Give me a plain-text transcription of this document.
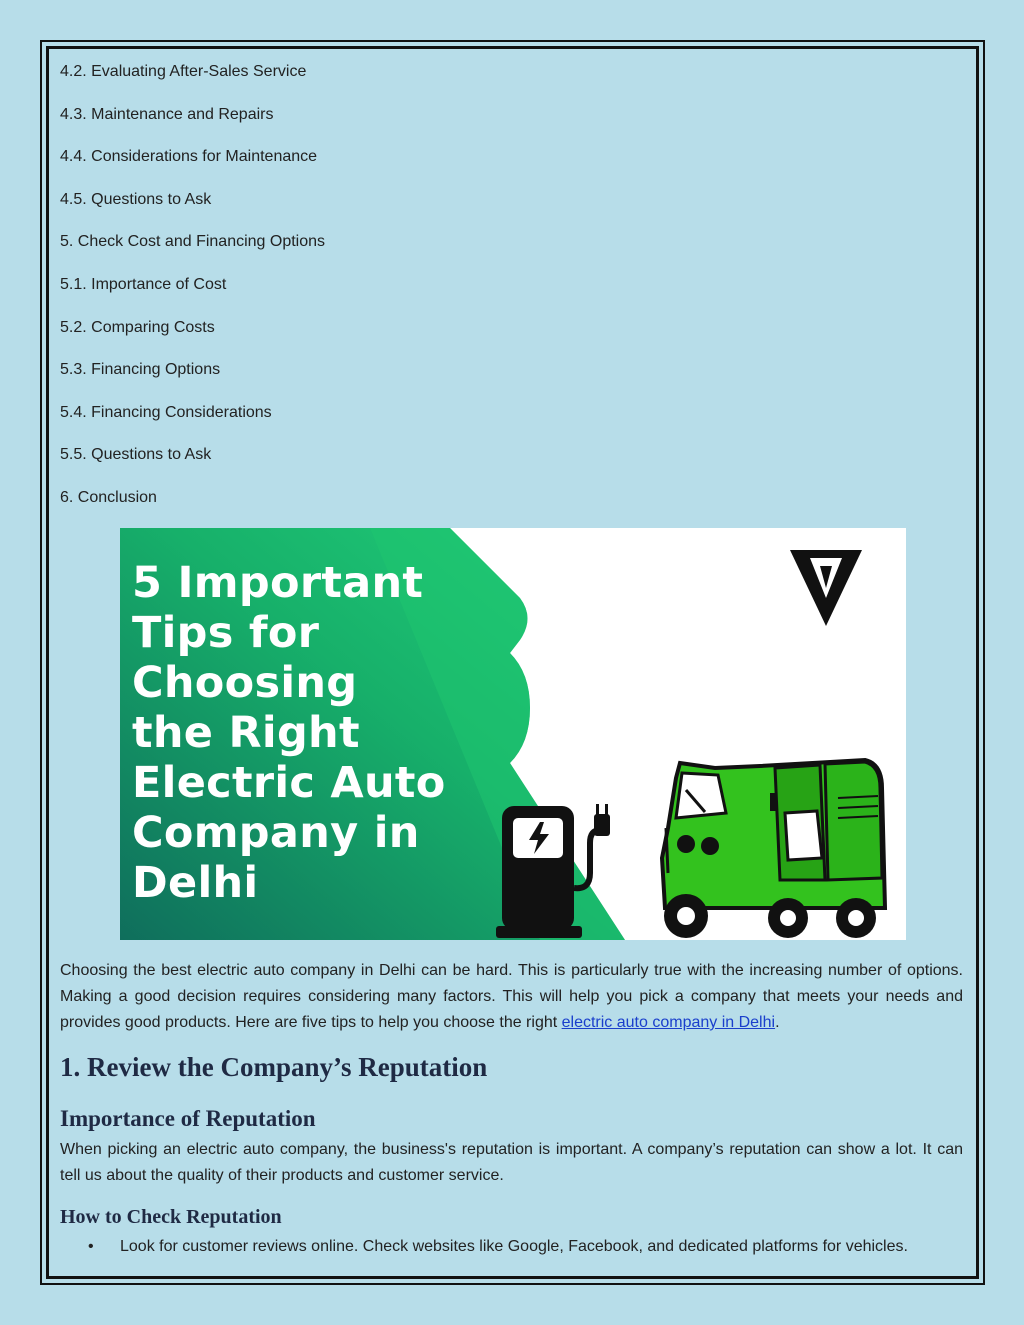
4.2. Evaluating After-Sales Service
4.3. Maintenance and Repairs
4.4. Considerations for Maintenance
4.5. Questions to Ask
5. Check Cost and Financing Options
5.1. Importance of Cost
5.2. Comparing Costs
5.3. Financing Options
5.4. Financing Considerations
5.5. Questions to Ask
6. Conclusion
5 Important
Tips for
Choosing
the Right
Electric Auto
Company in
Delhi

Choosing the best electric auto company in Delhi can be hard. This is particularly true with the increasing number of options. Making a good decision requires considering many factors. This will help you pick a company that meets your needs and provides good products. Here are five tips to help you choose the right electric auto company in Delhi.

1. Review the Company’s Reputation
Importance of Reputation

When picking an electric auto company, the business's reputation is important. A company’s reputation can show a lot. It can tell us about the quality of their products and customer service.

How to Check Reputation
• Look for customer reviews online. Check websites like Google, Facebook, and dedicated platforms for vehicles.
